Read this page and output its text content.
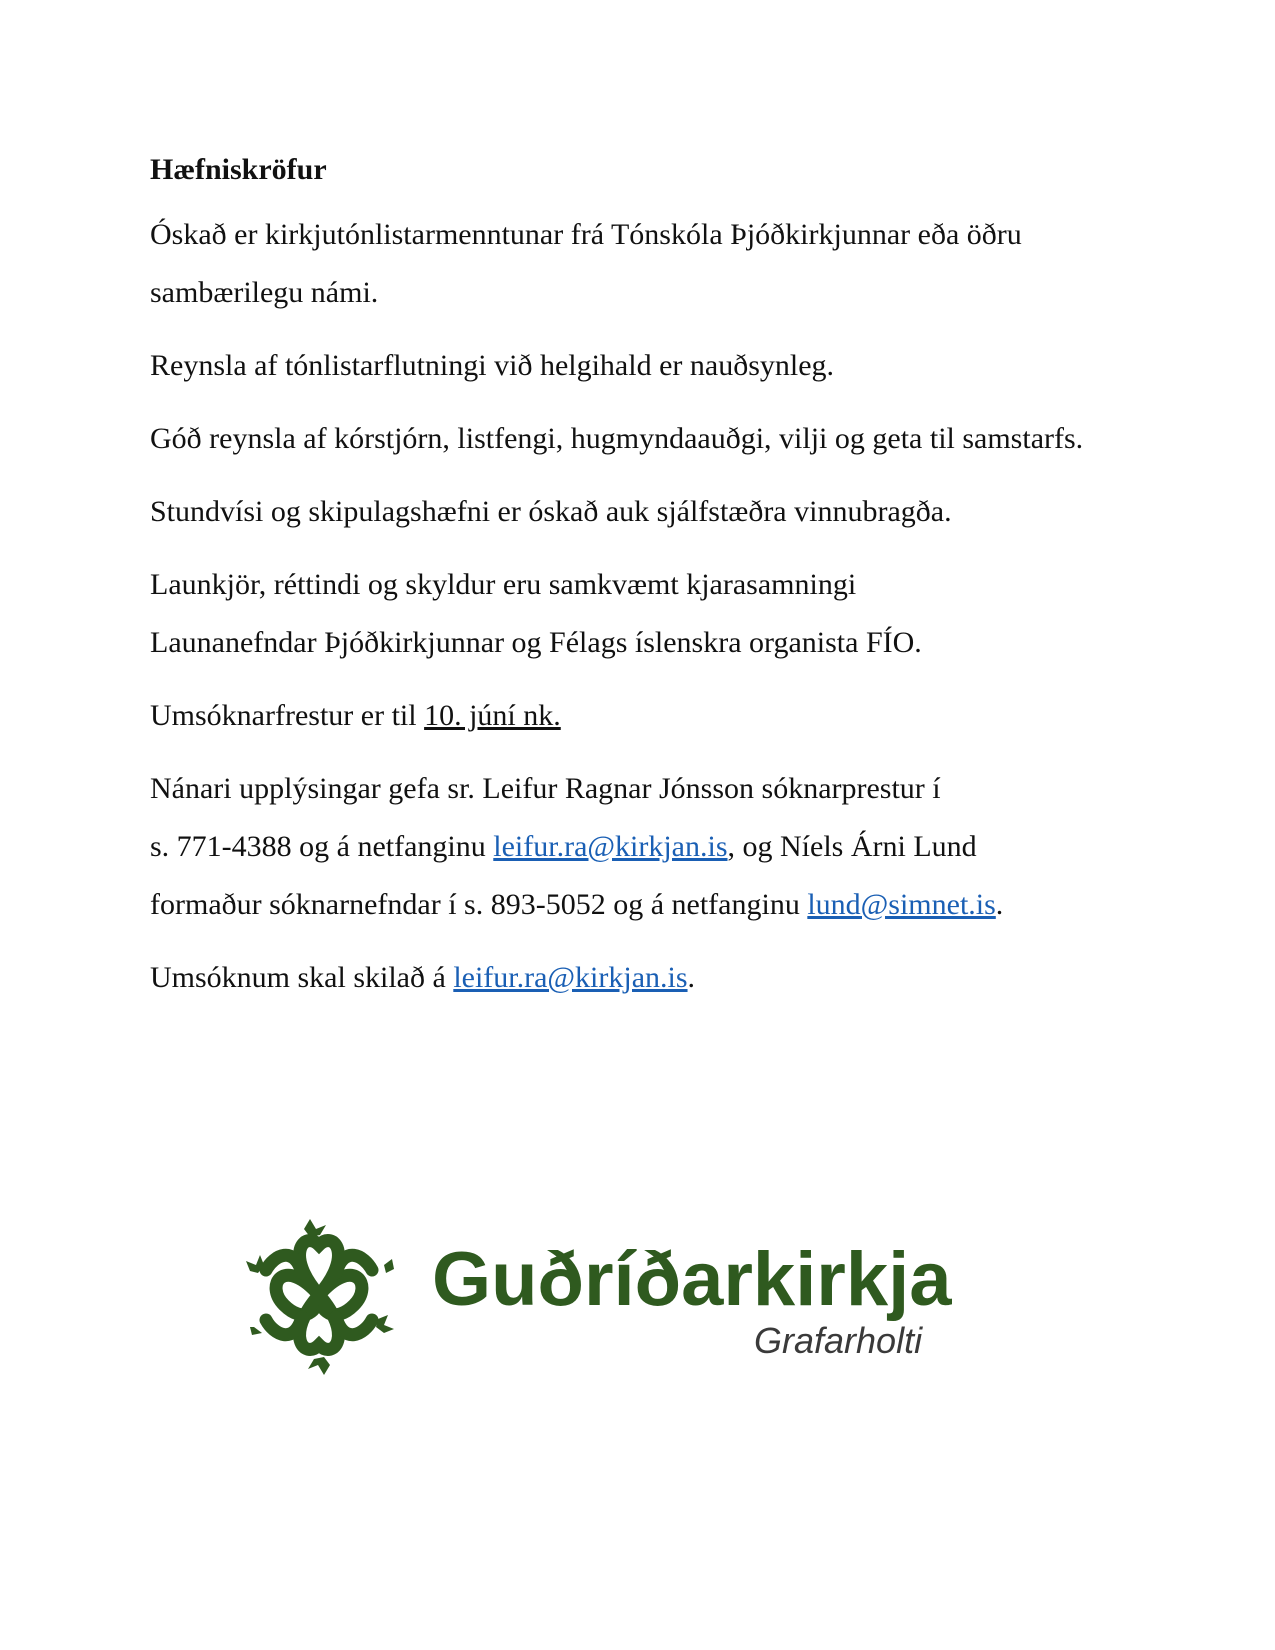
Hæfniskröfur
Óskað er kirkjutónlistarmenntunar frá Tónskóla Þjóðkirkjunnar eða öðru sambærilegu námi.
Reynsla af tónlistarflutningi við helgihald er nauðsynleg.
Góð reynsla af kórstjórn, listfengi, hugmyndaauðgi, vilji og geta til samstarfs.
Stundvísi og skipulagshæfni er óskað auk sjálfstæðra vinnubragða.
Launkjör, réttindi og skyldur eru samkvæmt kjarasamningi
Launanefndar Þjóðkirkjunnar og Félags íslenskra organista FÍO.
Umsóknarfrestur er til 10. júní nk.
Nánari upplýsingar gefa sr. Leifur Ragnar Jónsson sóknarprestur í
s. 771-4388 og á netfanginu leifur.ra@kirkjan.is, og Níels Árni Lund
formaður sóknarnefndar í s. 893-5052 og á netfanginu lund@simnet.is.
Umsóknum skal skilað á leifur.ra@kirkjan.is.
Guðríðarkirkja
Grafarholti
